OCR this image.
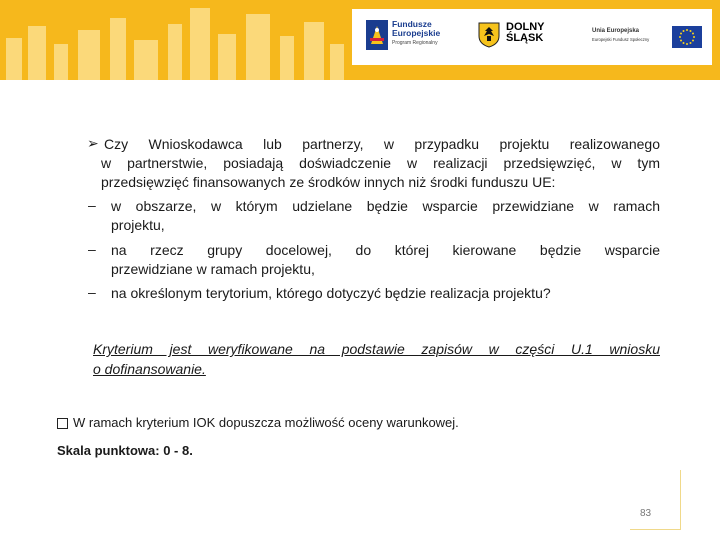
Fundusze
Europejskie
Program Regionalny
DOLNY
ŚLĄSK
Unia Europejska
Europejski Fundusz Społeczny
➢ Czy Wnioskodawca lub partnerzy, w przypadku projektu realizowanego
w partnerstwie, posiadają doświadczenie w realizacji przedsięwzięć, w tym
przedsięwzięć finansowanych ze środków innych niż środki funduszu UE:
– w obszarze, w którym udzielane będzie wsparcie przewidziane w ramach
projektu,
– na rzecz grupy docelowej, do której kierowane będzie wsparcie
przewidziane w ramach projektu,
– na określonym terytorium, którego dotyczyć będzie realizacja projektu?
Kryterium jest weryfikowane na podstawie zapisów w części U.1 wniosku
o dofinansowanie.
W ramach kryterium IOK dopuszcza możliwość oceny warunkowej.
Skala punktowa: 0 - 8.
83
